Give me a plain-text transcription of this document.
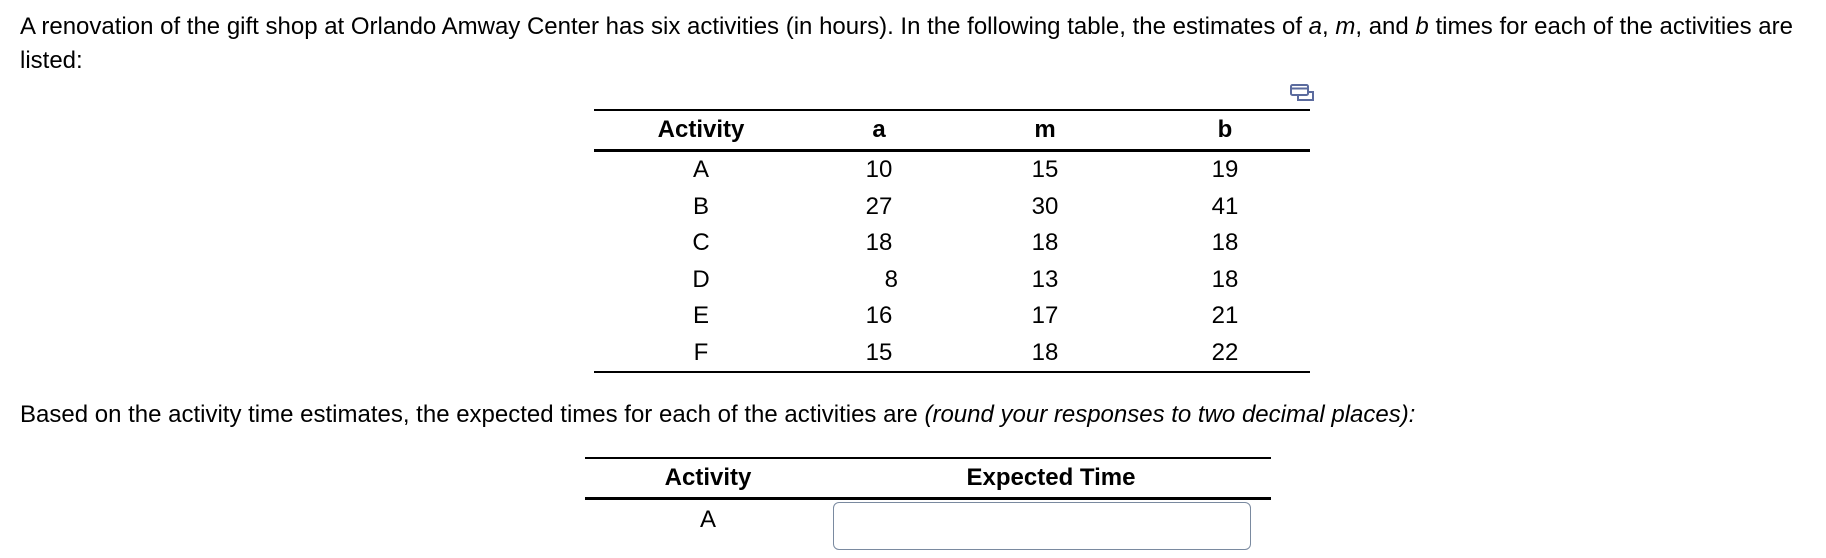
A renovation of the gift shop at Orlando Amway Center has six activities (in hours). In the following table, the estimates of a, m, and b times for each of the activities are listed:

Activity	a	m	b
A	10	15	19
B	27	30	41
C	18	18	18
D	8	13	18
E	16	17	21
F	15	18	22

Based on the activity time estimates, the expected times for each of the activities are (round your responses to two decimal places):

Activity	Expected Time

A
